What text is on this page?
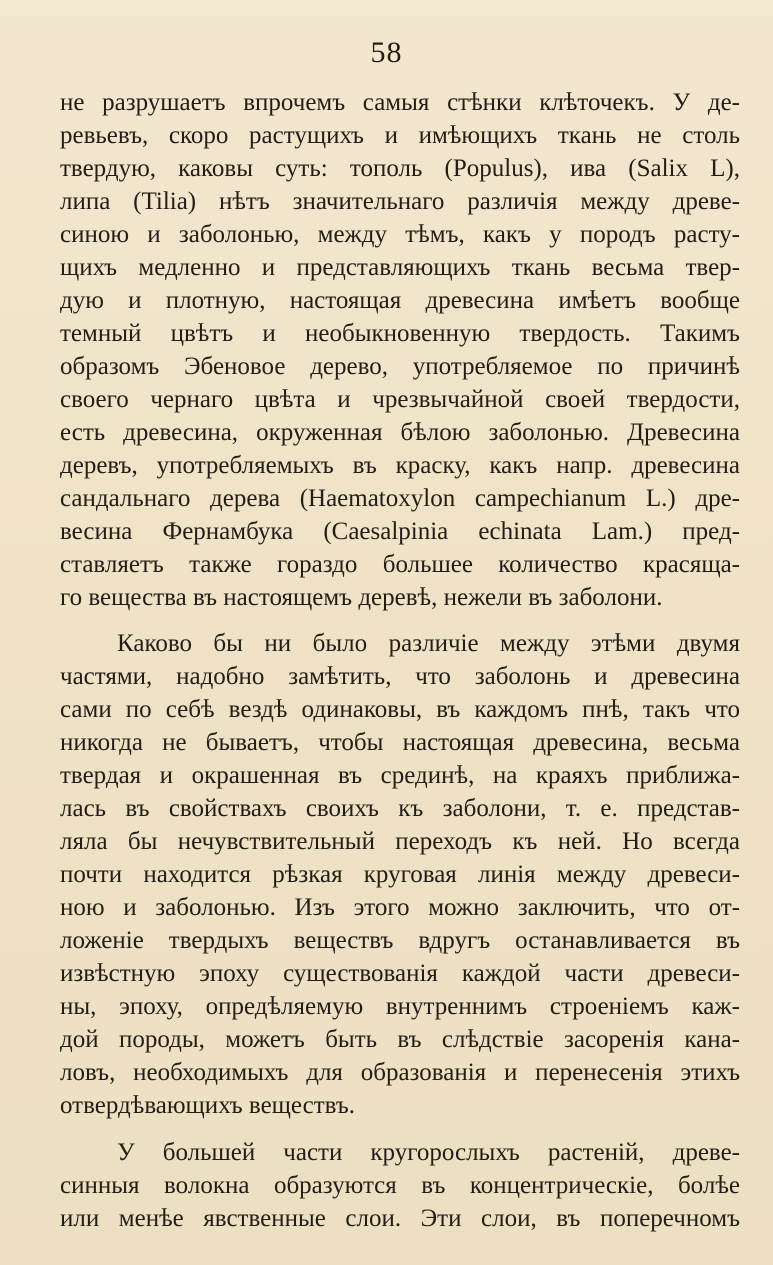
58
не разрушаетъ впрочемъ самыя стѣнки клѣточекъ. У де-
ревьевъ, скоро растущихъ и имѣющихъ ткань не столь
твердую, каковы суть: тополь (Populus), ива (Salix L),
липа (Tilia) нѣтъ значительнаго различія между древе-
синою и заболонью, между тѣмъ, какъ у породъ расту-
щихъ медленно и представляющихъ ткань весьма твер-
дую и плотную, настоящая древесина имѣетъ вообще
темный цвѣтъ и необыкновенную твердость. Такимъ
образомъ Эбеновое дерево, употребляемое по причинѣ
своего чернаго цвѣта и чрезвычайной своей твердости,
есть древесина, окруженная бѣлою заболонью. Древесина
деревъ, употребляемыхъ въ краску, какъ напр. древесина
сандальнаго дерева (Haematoxylon campechianum L.) дре-
весина Фернамбука (Caesalpinia echinata Lam.) пред-
ставляетъ также гораздо большее количество красяща-
го вещества въ настоящемъ деревѣ, нежели въ заболони.
Каково бы ни было различіе между этѣми двумя
частями, надобно замѣтить, что заболонь и древесина
сами по себѣ вездѣ одинаковы, въ каждомъ пнѣ, такъ что
никогда не бываетъ, чтобы настоящая древесина, весьма
твердая и окрашенная въ срединѣ, на краяхъ приближа-
лась въ свойствахъ своихъ къ заболони, т. е. представ-
ляла бы нечувствительный переходъ къ ней. Но всегда
почти находится рѣзкая круговая линія между древеси-
ною и заболонью. Изъ этого можно заключить, что от-
ложеніе твердыхъ веществъ вдругъ останавливается въ
извѣстную эпоху существованія каждой части древеси-
ны, эпоху, опредѣляемую внутреннимъ строеніемъ каж-
дой породы, можетъ быть въ слѣдствіе засоренія кана-
ловъ, необходимыхъ для образованія и перенесенія этихъ
отвердѣвающихъ веществъ.
У большей части кругорослыхъ растеній, древе-
синныя волокна образуются въ концентрическіе, болѣе
или менѣе явственные слои. Эти слои, въ поперечномъ
